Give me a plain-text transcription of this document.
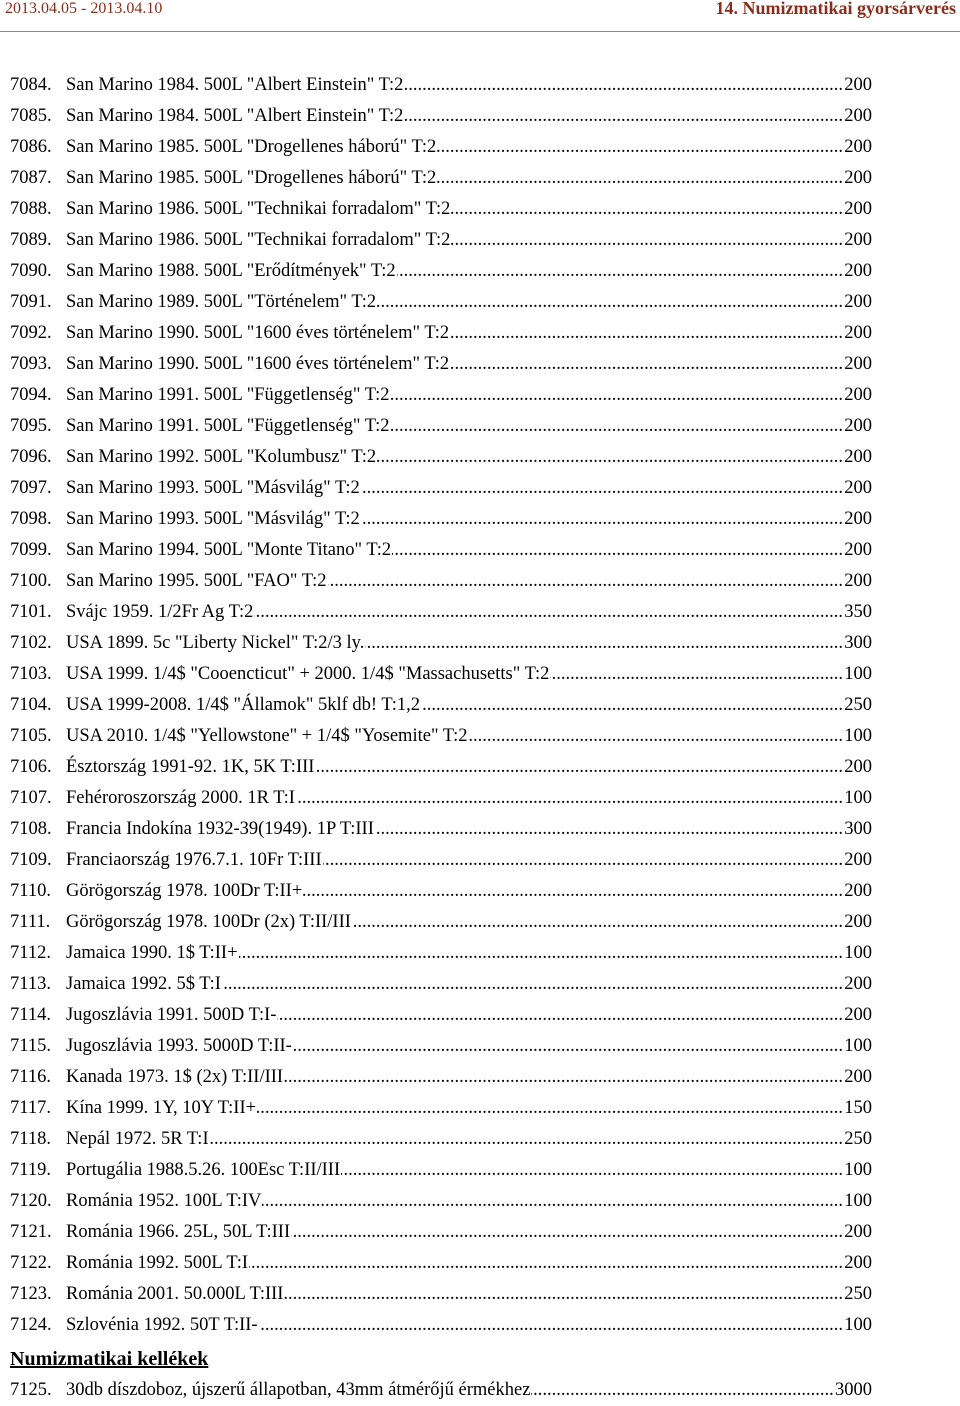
2013.04.05 - 2013.04.10	14. Numizmatikai gyorsárverés
7084. San Marino 1984. 500L "Albert Einstein" T:2 .....	200
7085. San Marino 1984. 500L "Albert Einstein" T:2 .....	200
7086. San Marino 1985. 500L "Drogellenes háború" T:2 .....	200
7087. San Marino 1985. 500L "Drogellenes háború" T:2 .....	200
7088. San Marino 1986. 500L "Technikai forradalom" T:2 .....	200
7089. San Marino 1986. 500L "Technikai forradalom" T:2 .....	200
7090. San Marino 1988. 500L "Erődítmények" T:2 .....	200
7091. San Marino 1989. 500L "Történelem" T:2 .....	200
7092. San Marino 1990. 500L "1600 éves történelem" T:2 .....	200
7093. San Marino 1990. 500L "1600 éves történelem" T:2 .....	200
7094. San Marino 1991. 500L "Függetlenség" T:2 .....	200
7095. San Marino 1991. 500L "Függetlenség" T:2 .....	200
7096. San Marino 1992. 500L "Kolumbusz" T:2 .....	200
7097. San Marino 1993. 500L "Másvilág" T:2 .....	200
7098. San Marino 1993. 500L "Másvilág" T:2 .....	200
7099. San Marino 1994. 500L "Monte Titano" T:2 .....	200
7100. San Marino 1995. 500L "FAO" T:2 .....	200
7101. Svájc 1959. 1/2Fr Ag T:2 .....	350
7102. USA 1899. 5c "Liberty Nickel" T:2/3 ly. .....	300
7103. USA 1999. 1/4$ "Cooencticut" + 2000. 1/4$ "Massachusetts" T:2 .....	100
7104. USA 1999-2008. 1/4$ "Államok" 5klf db! T:1,2 .....	250
7105. USA 2010. 1/4$ "Yellowstone" + 1/4$ "Yosemite" T:2 .....	100
7106. Észtország 1991-92. 1K, 5K T:III .....	200
7107. Fehéroroszország 2000. 1R T:I .....	100
7108. Francia Indokína 1932-39(1949). 1P T:III .....	300
7109. Franciaország 1976.7.1. 10Fr T:III .....	200
7110. Görögország 1978. 100Dr T:II+ .....	200
7111. Görögország 1978. 100Dr (2x) T:II/III .....	200
7112. Jamaica 1990. 1$ T:II+ .....	100
7113. Jamaica 1992. 5$ T:I .....	200
7114. Jugoszlávia 1991. 500D T:I- .....	200
7115. Jugoszlávia 1993. 5000D T:II- .....	100
7116. Kanada 1973. 1$ (2x) T:II/III .....	200
7117. Kína 1999. 1Y, 10Y T:II+ .....	150
7118. Nepál 1972. 5R T:I .....	250
7119. Portugália 1988.5.26. 100Esc T:II/III .....	100
7120. Románia 1952. 100L T:IV .....	100
7121. Románia 1966. 25L, 50L T:III .....	200
7122. Románia 1992. 500L T:I .....	200
7123. Románia 2001. 50.000L T:III .....	250
7124. Szlovénia 1992. 50T T:II- .....	100
Numizmatikai kellékek
7125. 30db díszdoboz, újszerű állapotban, 43mm átmérőjű érmékhez .....	3000
